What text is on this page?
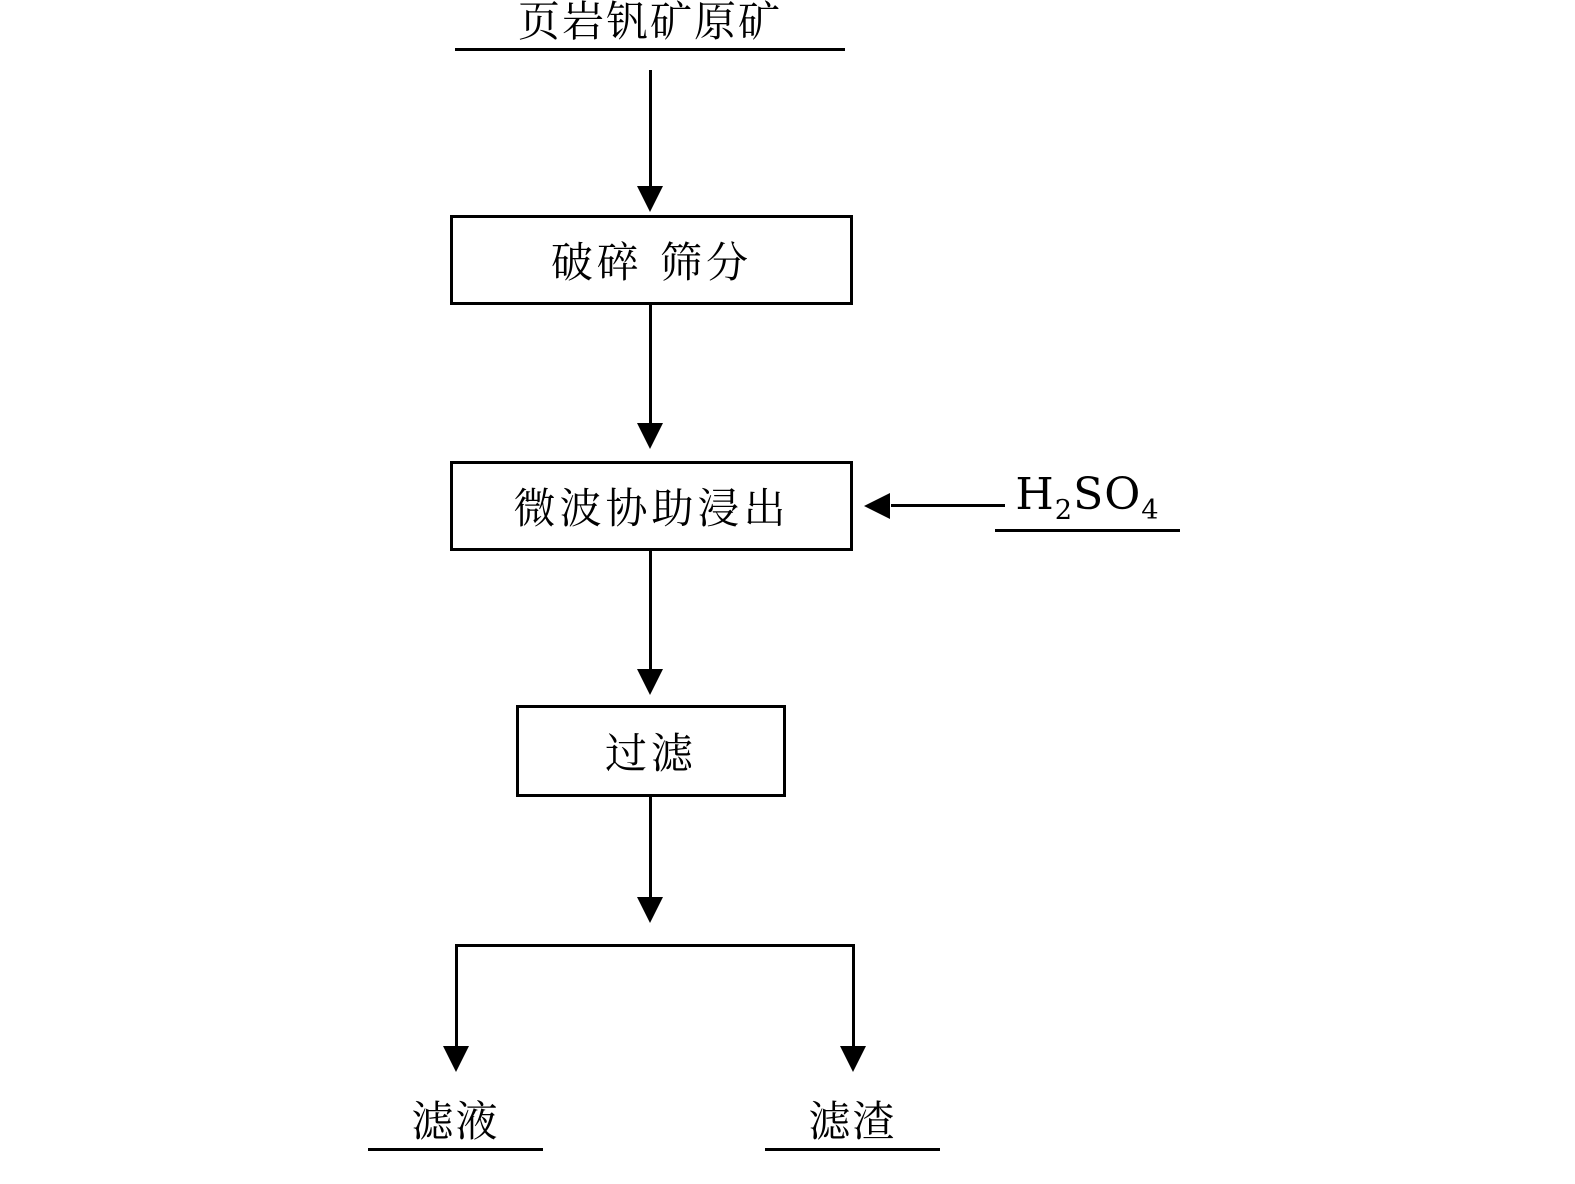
页岩钒矿原矿
破碎 筛分
微波协助浸出	$H_2SO_4$
过滤
滤液	滤渣
